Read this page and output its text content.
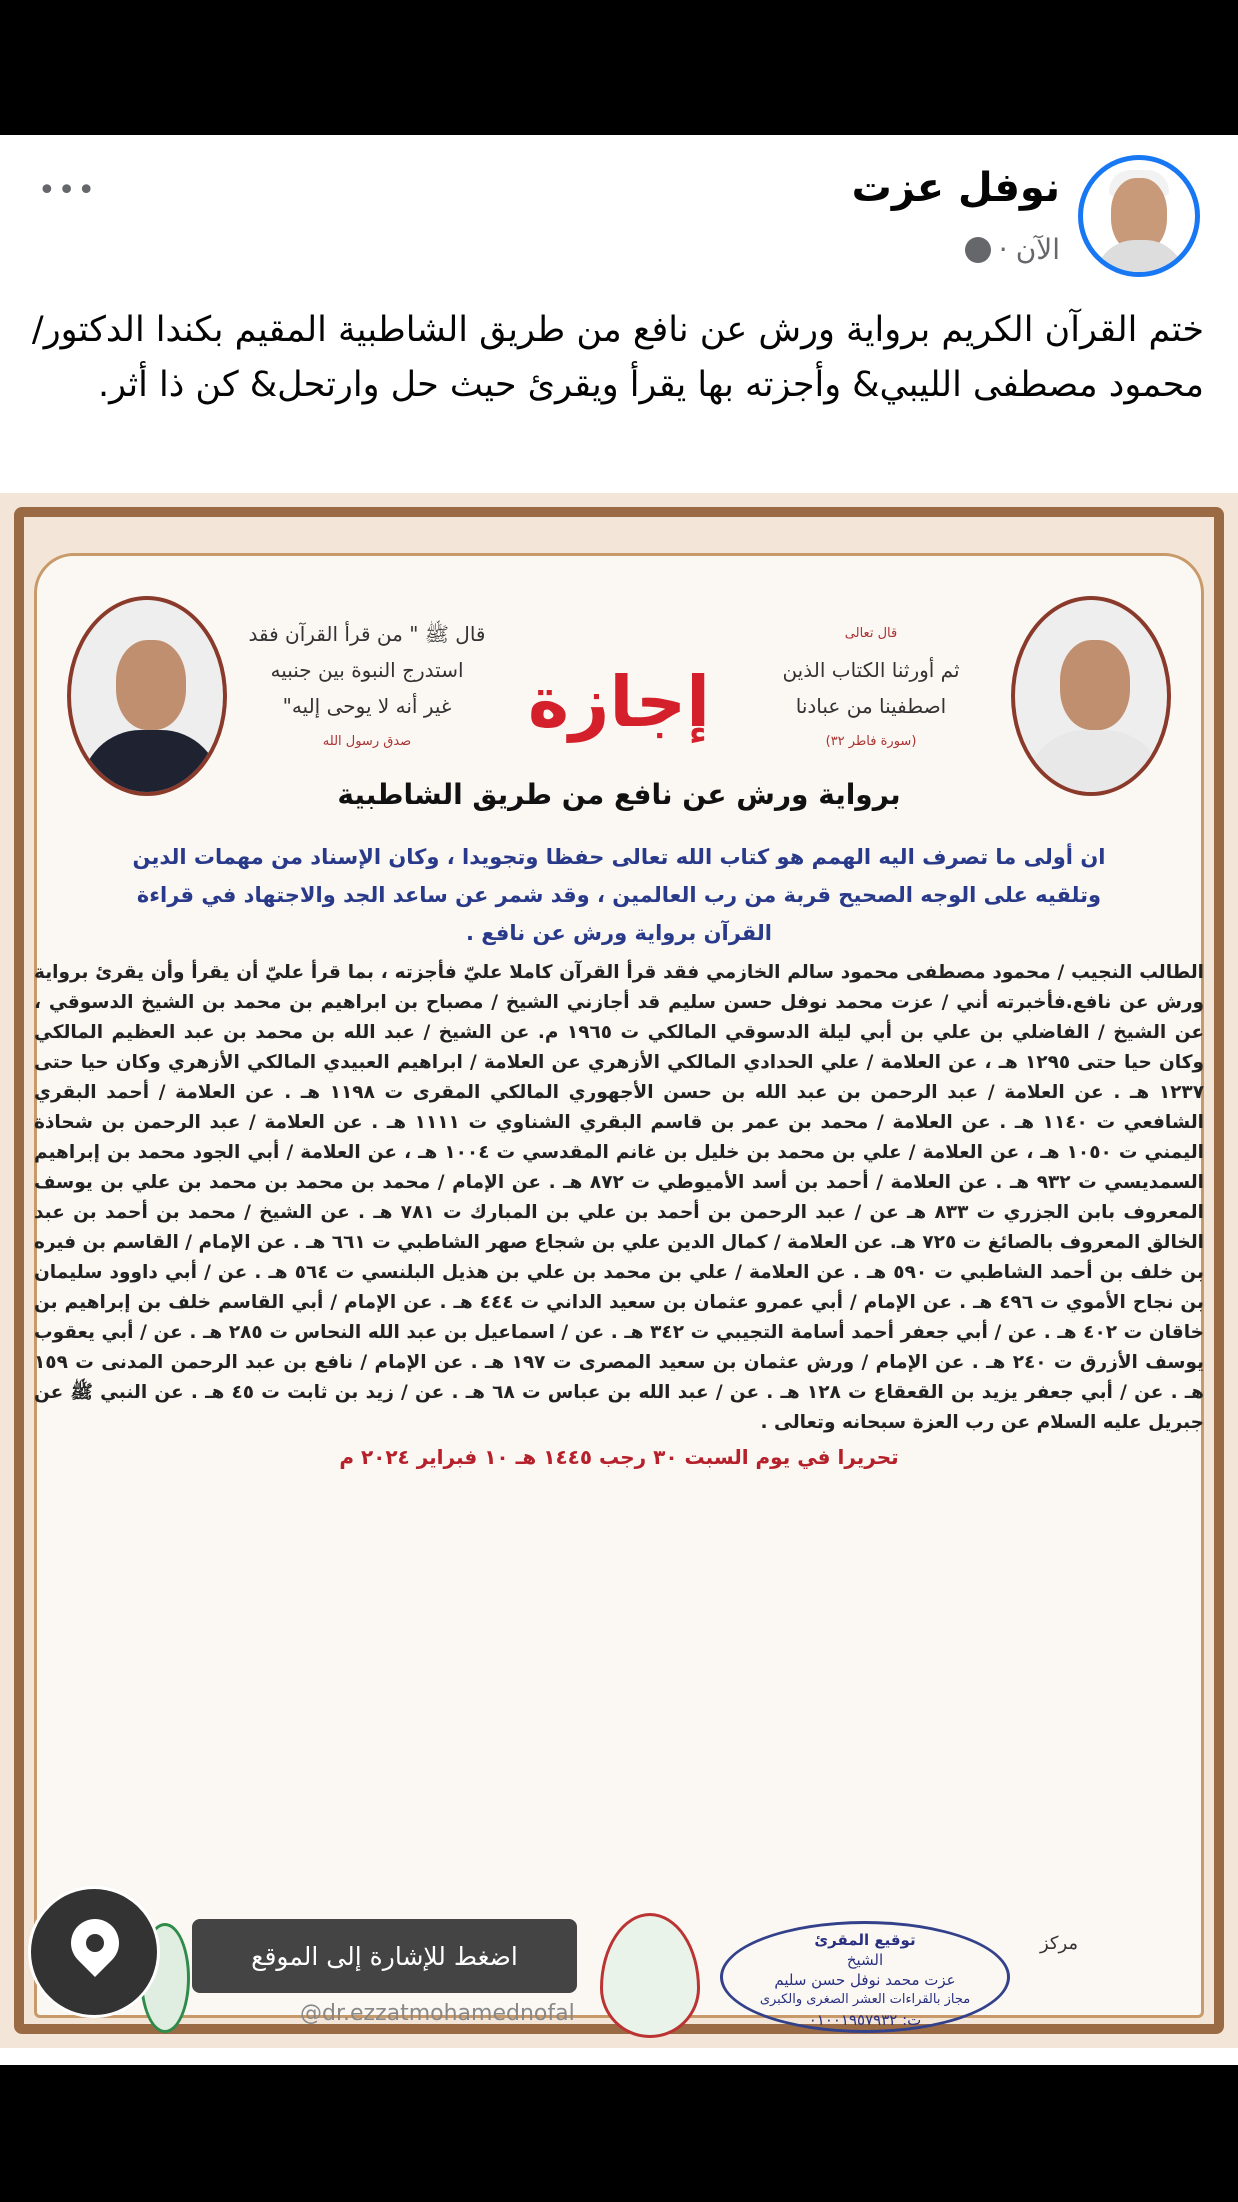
نوفل عزت
الآن
·
•••
ختم القرآن الكريم برواية ورش عن نافع من طريق الشاطبية المقيم بكندا الدكتور/ محمود مصطفى الليبي& وأجزته بها يقرأ ويقرئ حيث حل وارتحل& كن ذا أثر.
قال تعالى
ثم أورثنا الكتاب الذين
اصطفينا من عبادنا
(سورة فاطر ٣٢)
قال ﷺ " من قرأ القرآن فقد
استدرج النبوة بين جنبيه
غير أنه لا يوحى إليه"
صدق رسول الله	إجازة
برواية ورش عن نافع من طريق الشاطبية
ان أولى ما تصرف اليه الهمم هو كتاب الله تعالى حفظا وتجويدا ، وكان الإسناد من مهمات الدين وتلقيه على الوجه الصحيح قربة من رب العالمين ، وقد شمر عن ساعد الجد والاجتهاد في قراءة القرآن برواية ورش عن نافع .
الطالب النجيب / محمود مصطفى محمود سالم الخازمي فقد قرأ القرآن كاملا عليّ فأجزته ، بما قرأ عليّ أن يقرأ وأن يقرئ برواية ورش عن نافع.فأخبرته أني / عزت محمد نوفل حسن سليم قد أجازني الشيخ / مصباح بن ابراهيم بن محمد بن الشيخ الدسوقي ، عن الشيخ / الفاضلي بن علي بن أبي ليلة الدسوقي المالكي ت ١٩٦٥ م. عن الشيخ / عبد الله بن محمد بن عبد العظيم المالكي وكان حيا حتى ١٢٩٥ هـ ، عن العلامة / علي الحدادي المالكي الأزهري عن العلامة / ابراهيم العبيدي المالكي الأزهري وكان حيا حتى ١٢٣٧ هـ . عن العلامة / عبد الرحمن بن عبد الله بن حسن الأجهوري المالكي المقرى ت ١١٩٨ هـ . عن العلامة / أحمد البقري الشافعي ت ١١٤٠ هـ . عن العلامة / محمد بن عمر بن قاسم البقري الشناوي ت ١١١١ هـ . عن العلامة / عبد الرحمن بن شحاذة اليمني ت ١٠٥٠ هـ ، عن العلامة / علي بن محمد بن خليل بن غانم المقدسي ت ١٠٠٤ هـ ، عن العلامة / أبي الجود محمد بن إبراهيم السمديسي ت ٩٣٢ هـ . عن العلامة / أحمد بن أسد الأميوطي ت ٨٧٢ هـ . عن الإمام / محمد بن محمد بن محمد بن علي بن يوسف المعروف بابن الجزري ت ٨٣٣ هـ عن / عبد الرحمن بن أحمد بن علي بن المبارك ت ٧٨١ هـ . عن الشيخ / محمد بن أحمد بن عبد الخالق المعروف بالصائغ ت ٧٢٥ هـ. عن العلامة / كمال الدين علي بن شجاع صهر الشاطبي ت ٦٦١ هـ . عن الإمام / القاسم بن فيره بن خلف بن أحمد الشاطبي ت ٥٩٠ هـ . عن العلامة / علي بن محمد بن علي بن هذيل البلنسي ت ٥٦٤ هـ . عن / أبي داوود سليمان بن نجاح الأموي ت ٤٩٦ هـ . عن الإمام / أبي عمرو عثمان بن سعيد الداني ت ٤٤٤ هـ . عن الإمام / أبي القاسم خلف بن إبراهيم بن خاقان ت ٤٠٢ هـ . عن / أبي جعفر أحمد أسامة التجيبي ت ٣٤٢ هـ . عن / اسماعيل بن عبد الله النحاس ت ٢٨٥ هـ . عن / أبي يعقوب يوسف الأزرق ت ٢٤٠ هـ . عن الإمام / ورش عثمان بن سعيد المصرى ت ١٩٧ هـ . عن الإمام / نافع بن عبد الرحمن المدنى ت ١٥٩ هـ . عن / أبي جعفر يزيد بن القعقاع ت ١٢٨ هـ . عن / عبد الله بن عباس ت ٦٨ هـ . عن / زيد بن ثابت ت ٤٥ هـ . عن النبي ﷺ عن جبريل عليه السلام عن رب العزة سبحانه وتعالى .
تحريرا في يوم السبت ٣٠ رجب ١٤٤٥ هـ ١٠ فبراير ٢٠٢٤ م
توقيع المقرئ
الشيخ
عزت محمد نوفل حسن سليم
مجاز بالقراءات العشر الصغرى والكبرى
ت: ٠١٠٠١٩٥٧٩٣٢
مركز
اضغط للإشارة إلى الموقع
@dr.ezzatmohamednofal
